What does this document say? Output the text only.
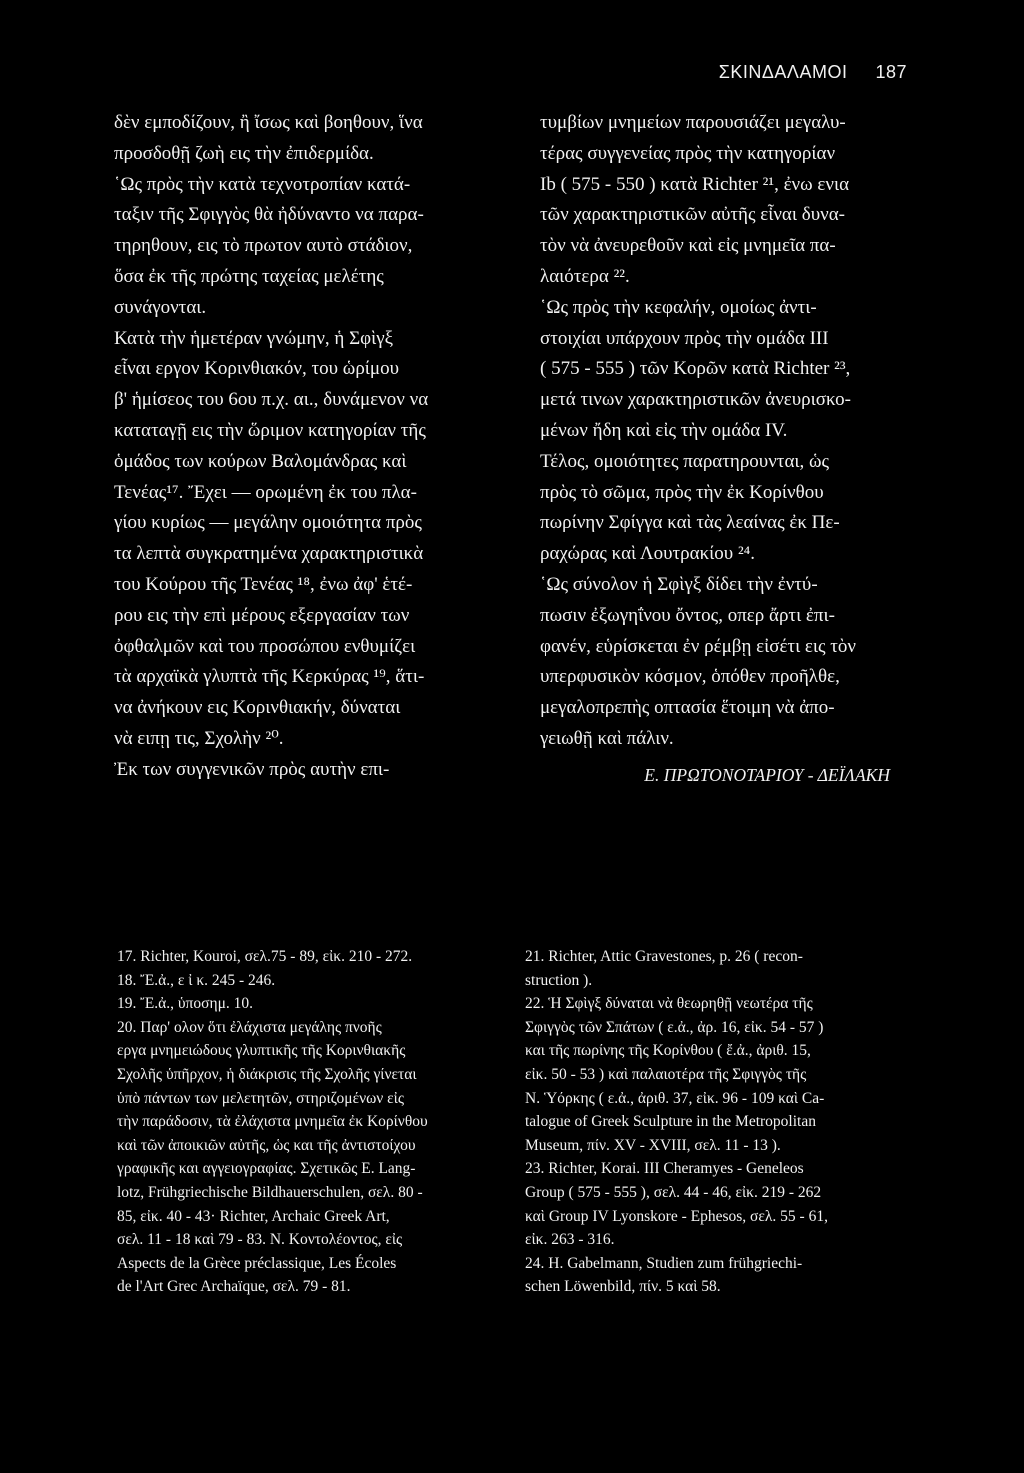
ΣΚΙΝΔΑΛΑΜΟΙ 187
δὲν εμποδίζουν, ἢ ἴσως καὶ βοηθουν, ἵνα
προσδοθῇ ζωὴ εις τὴν ἐπιδερμίδα.
῾Ως πρὸς τὴν κατὰ τεχνοτροπίαν κατά-
ταξιν τῆς Σφιγγὸς θὰ ἠδύναντο να παρα-
τηρηθουν, εις τὸ πρωτον αυτὸ στάδιον,
ὅσα ἐκ τῆς πρώτης ταχείας μελέτης
συνάγονται.
Κατὰ τὴν ἡμετέραν γνώμην, ἡ Σφὶγξ
εἶναι εργον Κορινθιακόν, του ὡρίμου
β' ἡμίσεος του 6ου π.χ. αι., δυνάμενον να
καταταγῇ εις τὴν ὥριμον κατηγορίαν τῆς
ὁμάδος των κούρων Βαλομάνδρας καὶ
Τενέας¹⁷. Ἔχει — ορωμένη ἐκ του πλα-
γίου κυρίως — μεγάλην ομοιότητα πρὸς
τα λεπτὰ συγκρατημένα χαρακτηριστικὰ
του Κούρου τῆς Τενέας ¹⁸, ἐνω ἀφ' ἑτέ-
ρου εις τὴν επὶ μέρους εξεργασίαν των
ὀφθαλμῶν καὶ του προσώπου ενθυμίζει
τὰ αρχαϊκὰ γλυπτὰ τῆς Κερκύρας ¹⁹, ἅτι-
να ἀνήκουν εις Κορινθιακήν, δύναται
νὰ ειπῃ τις, Σχολὴν ²⁰.
Ἐκ των συγγενικῶν πρὸς αυτὴν επι-
τυμβίων μνημείων παρουσιάζει μεγαλυ-
τέρας συγγενείας πρὸς τὴν κατηγορίαν
Ib ( 575 - 550 ) κατὰ Richter ²¹, ἐνω ενια
τῶν χαρακτηριστικῶν αὐτῆς εἶναι δυνα-
τὸν νὰ ἀνευρεθοῦν καὶ εἰς μνημεῖα πα-
λαιότερα ²².
῾Ως πρὸς τὴν κεφαλήν, ομοίως ἀντι-
στοιχίαι υπάρχουν πρὸς τὴν ομάδα ΙΙΙ
( 575 - 555 ) τῶν Κορῶν κατὰ Richter ²³,
μετά τινων χαρακτηριστικῶν ἀνευρισκο-
μένων ἤδη καὶ εἰς τὴν ομάδα IV.
Τέλος, ομοιότητες παρατηρουνται, ὡς
πρὸς τὸ σῶμα, πρὸς τὴν ἐκ Κορίνθου
πωρίνην Σφίγγα καὶ τὰς λεαίνας ἐκ Πε-
ραχώρας καὶ Λουτρακίου ²⁴.
῾Ως σύνολον ἡ Σφὶγξ δίδει τὴν ἐντύ-
πωσιν ἐξωγηΐνου ὄντος, οπερ ἄρτι ἐπι-
φανέν, εὑρίσκεται ἐν ρέμβῃ εἰσέτι εις τὸν
υπερφυσικὸν κόσμον, ὁπόθεν προῆλθε,
μεγαλοπρεπὴς οπτασία ἕτοιμη νὰ ἀπο-
γειωθῇ καὶ πάλιν.
Ε. ΠΡΩΤΟΝΟΤΑΡΙΟΥ - ΔΕΪΛΑΚΗ
17. Richter, Kouroi, σελ.75 - 89, εἰκ. 210 - 272.
18. Ἔ.ἀ., ε ἰ κ. 245 - 246.
19. Ἔ.ἀ., ὑποσημ. 10.
20. Παρ' ολον ὅτι ἐλάχιστα μεγάλης πνοῆς
εργα μνημειώδους γλυπτικῆς τῆς Κορινθιακῆς
Σχολῆς ὑπῆρχον, ἡ διάκρισις τῆς Σχολῆς γίνεται
ὑπὸ πάντων των μελετητῶν, στηριζομένων εἰς
τὴν παράδοσιν, τὰ ἐλάχιστα μνημεῖα ἐκ Κορίνθου
καὶ τῶν ἀποικιῶν αὐτῆς, ὡς και τῆς ἀντιστοίχου
γραφικῆς και αγγειογραφίας. Σχετικῶς E. Lang-
lotz, Frühgriechische Bildhauerschulen, σελ. 80 -
85, εἰκ. 40 - 43· Richter, Archaic Greek Art,
σελ. 11 - 18 καὶ 79 - 83. Ν. Κοντολέοντος, εἰς
Aspects de la Grèce préclassique, Les Écoles
de l'Art Grec Archaïque, σελ. 79 - 81.
21. Richter, Attic Gravestones, p. 26 ( recon-
struction ).
22. Ἡ Σφὶγξ δύναται νὰ θεωρηθῇ νεωτέρα τῆς
Σφιγγὸς τῶν Σπάτων ( ε.ἀ., ἀρ. 16, εἰκ. 54 - 57 )
και τῆς πωρίνης τῆς Κορίνθου ( ἔ.ἀ., ἀριθ. 15,
εἰκ. 50 - 53 ) καὶ παλαιοτέρα τῆς Σφιγγὸς τῆς
Ν. Ὑόρκης ( ε.ἀ., ἀριθ. 37, εἰκ. 96 - 109 καὶ Ca-
talogue of Greek Sculpture in the Metropolitan
Museum, πίν. XV - XVIII, σελ. 11 - 13 ).
23. Richter, Korai. III Cheramyes - Geneleos
Group ( 575 - 555 ), σελ. 44 - 46, εἰκ. 219 - 262
καὶ Group IV Lyonskore - Ephesos, σελ. 55 - 61,
εἰκ. 263 - 316.
24. H. Gabelmann, Studien zum frühgriechi-
schen Löwenbild, πίν. 5 καὶ 58.
